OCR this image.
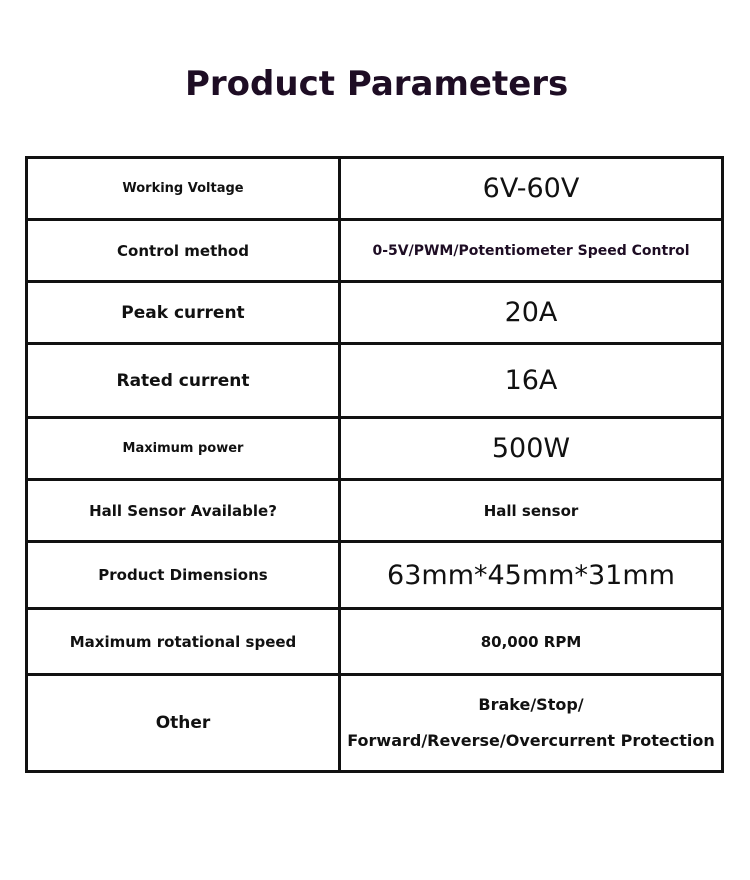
Product Parameters
Working Voltage	6V-60V
Control method	0-5V/PWM/Potentiometer Speed Control
Peak current	20A
Rated current	16A
Maximum power	500W
Hall Sensor Available?	Hall sensor
Product Dimensions	63mm*45mm*31mm
Maximum rotational speed	80,000 RPM
Other	Brake/Stop/
Forward/Reverse/Overcurrent Protection
